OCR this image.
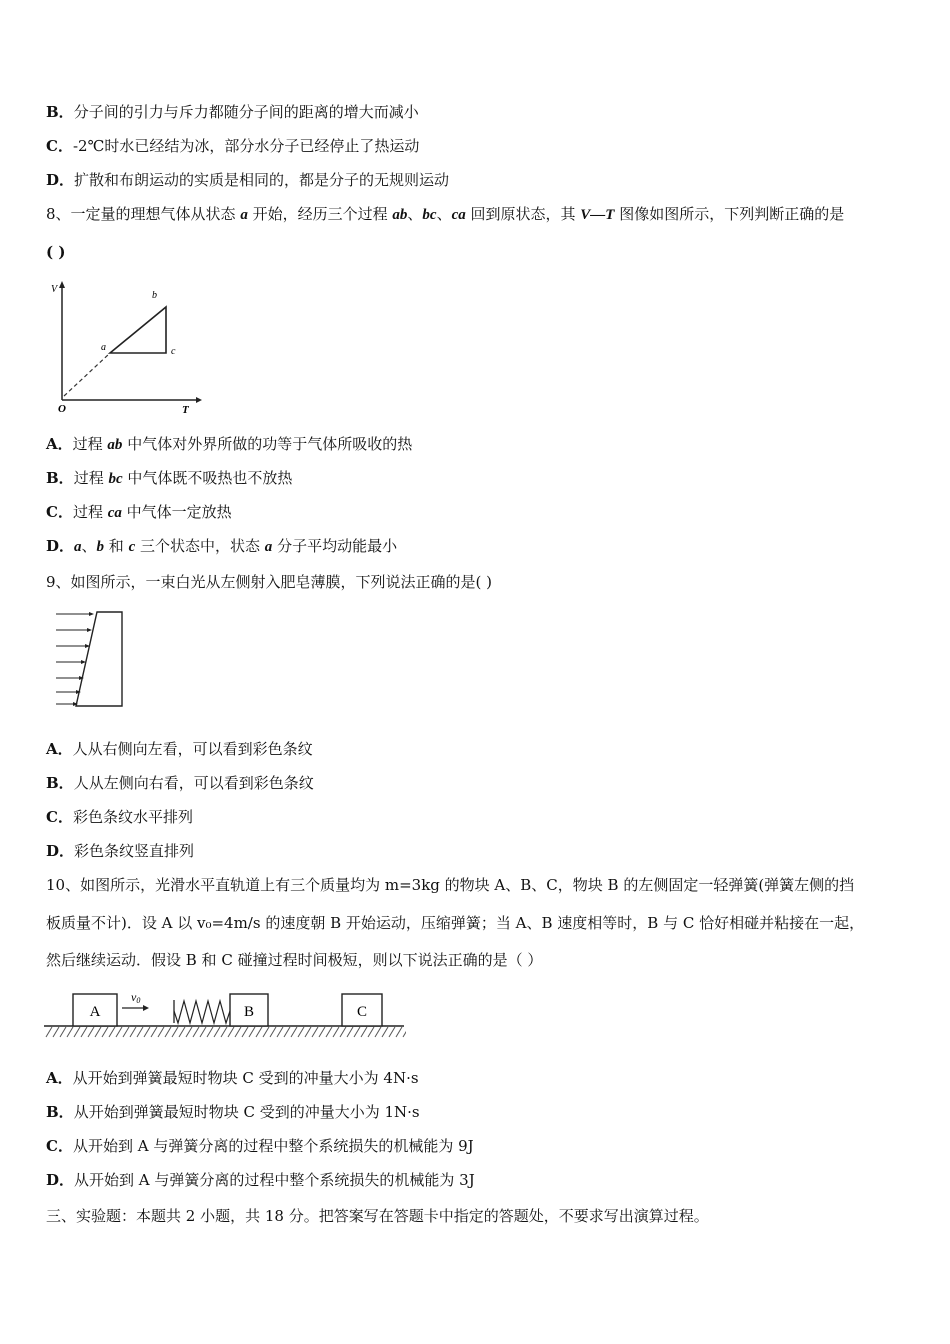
B．分子间的引力与斥力都随分子间的距离的增大而减小
C．-2℃时水已经结为冰，部分水分子已经停止了热运动
D．扩散和布朗运动的实质是相同的，都是分子的无规则运动
8、一定量的理想气体从状态 a 开始，经历三个过程 ab、bc、ca 回到原状态，其 V—T 图像如图所示，下列判断正确的是
( )
V
T
O
a
b
c
A．过程 ab 中气体对外界所做的功等于气体所吸收的热
B．过程 bc 中气体既不吸热也不放热
C．过程 ca 中气体一定放热
D．a、b 和 c 三个状态中，状态 a 分子平均动能最小
9、如图所示，一束白光从左侧射入肥皂薄膜，下列说法正确的是( )
A．人从右侧向左看，可以看到彩色条纹
B．人从左侧向右看，可以看到彩色条纹
C．彩色条纹水平排列
D．彩色条纹竖直排列
10、如图所示，光滑水平直轨道上有三个质量均为 m=3kg 的物块 A、B、C，物块 B 的左侧固定一轻弹簧(弹簧左侧的挡
板质量不计)．设 A 以 v₀=4m/s 的速度朝 B 开始运动，压缩弹簧；当 A、B 速度相等时，B 与 C 恰好相碰并粘接在一起，
然后继续运动．假设 B 和 C 碰撞过程时间极短，则以下说法正确的是（ ）
A
v0
B	C
A．从开始到弹簧最短时物块 C 受到的冲量大小为 4N·s
B．从开始到弹簧最短时物块 C 受到的冲量大小为 1N·s
C．从开始到 A 与弹簧分离的过程中整个系统损失的机械能为 9J
D．从开始到 A 与弹簧分离的过程中整个系统损失的机械能为 3J
三、实验题：本题共 2 小题，共 18 分。把答案写在答题卡中指定的答题处，不要求写出演算过程。
